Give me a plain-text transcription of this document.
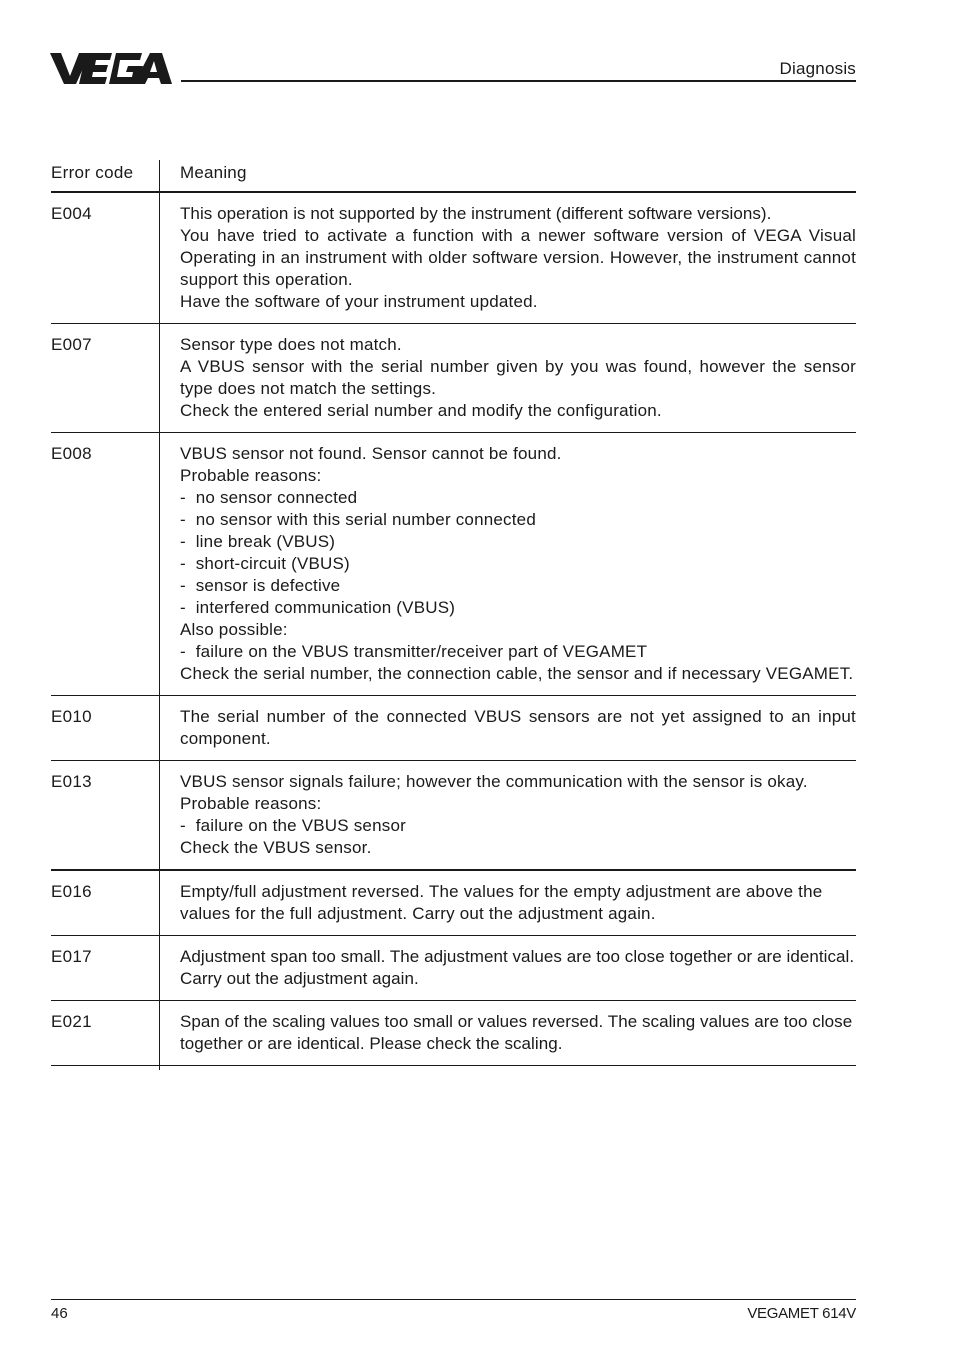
Diagnosis
Error code	Meaning
E004	This operation is not supported by the instrument (different software versions).
You have tried to activate a function with a newer software version of VEGA Visual Operating in an instrument with older software version. However, the instrument cannot support this operation.
Have the software of your instrument updated.
E007	Sensor type does not match.
A VBUS sensor with the serial number given by you was found, however the sensor type does not match the settings.
Check the entered serial number and modify the configuration.
E008	VBUS sensor not found. Sensor cannot be found.
Probable reasons:
-  no sensor connected
-  no sensor with this serial number connected
-  line break (VBUS)
-  short-circuit (VBUS)
-  sensor is defective
-  interfered communication (VBUS)
Also possible:
-  failure on the VBUS transmitter/receiver part of VEGAMET
Check the serial number, the connection cable, the sensor and if necessary VEGAMET.
E010	The serial number of the connected VBUS sensors are not yet assigned to an input component.
E013	VBUS sensor signals failure; however the communication with the sensor is okay.
Probable reasons:
-  failure on the VBUS sensor
Check the VBUS sensor.
E016	Empty/full adjustment reversed. The values for the empty adjustment are above the values for the full adjustment. Carry out the adjustment again.
E017	Adjustment span too small. The adjustment values are too close together or are identical. Carry out the adjustment again.
E021	Span of the scaling values too small or values reversed. The scaling values are too close together or are identical. Please check the scaling.
46	VEGAMET 614V
